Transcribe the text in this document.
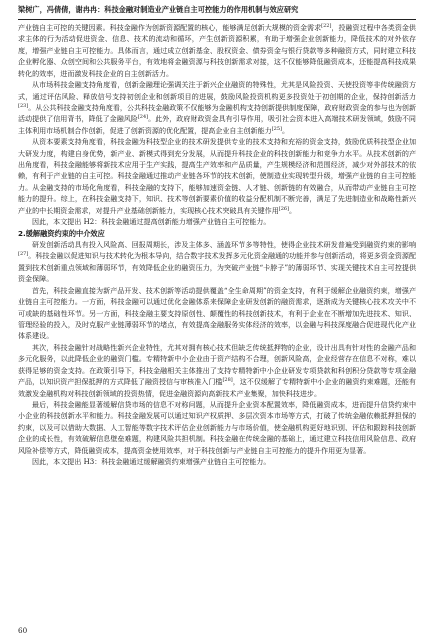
梁树广，冯倩倩，谢冉冉：科技金融对制造业产业链自主可控能力的作用机制与效应研究

产业链自主可控的关键因素。科技金融作为创新资源配置的核心，能够满足创新大规模的资金需求[22]，投融资过程中各类资金供求主体的行为活动促进资金、信息、技术的流动和循环，产生创新资源积累，有助于增强企业创新能力，降低技术的对外依存度，增强产业链自主可控能力。具体而言，通过成立创新基金、股权资金、债券资金与银行贷款等多种融资方式，同时建立科技企业孵化器、众创空间和公共服务平台，有效地将金融资源与科技创新需求对接，这不仅能够降低融资成本，还能提高科技成果转化的效率，进而激发科技企业的自主创新活力。

从市场科技金融支持角度看，创新金融理论强调关注于新兴企业融资的特殊性，尤其是风险投资、天使投资等非传统融资方式，通过评估风险、释放信号支持初创企业和创新项目的进展，鼓励风险投资机构更多投资处于初创期的企业，保持创新活力[23]。从公共科技金融支持角度看，公共科技金融政策不仅能够为金融机构支持创新提供制度保障，政府财政资金的参与也为创新活动提供了信用背书，降低了金融风险[24]。此外，政府财政资金具有引导作用，吸引社会资本进入高端技术研发领域，鼓励不同主体利用市场机制合作创新，促进了创新资源的优化配置，提高企业自主创新能力[25]。

从资本要素支持角度看，科技金融为科技型企业的技术研发提供专业的技术支持和充裕的资金支持，鼓励优质科技型企业加大研发力度，构建自身优势，新产业、新模式得到充分发展，从而提升科技企业的科技创新能力和竞争力水平。从技术创新的产出角度看，科技金融能够将新技术应用于生产实践，提高生产效率和产品质量，产生规模经济和范围经济，减少对外部技术的依赖，有利于产业链的自主可控。科技金融通过推动产业链各环节的技术创新，使制造业实现转型升级，增强产业链的自主可控能力。从金融支持的市场化角度看，科技金融的支持下，能够加速资金链、人才链、创新链的有效融合，从而带动产业链自主可控能力的提升。综上，在科技金融支持下，知识、技术等创新要素价值的收益分配机制不断完善，满足了先进制造业和战略性新兴产业的中长期资金需求，对提升产业基础创新能力，实现核心技术突破具有关键作用[26]。

因此，本文提出 H2：科技金融通过提高创新能力增强产业链自主可控能力。

2.缓解融资约束的中介效应

研发创新活动具有投入风险高、回报周期长，涉及主体多、涵盖环节多等特性，使得企业技术研发普遍受到融资约束的影响[27]。科技金融以促进知识与技术转化为根本导向，结合数字技术发挥多元化资金融通的功能并参与创新活动，将更多资金资源配置到技术创新重点领域和薄弱环节，有效降低企业的融资压力，为突破产业链“卡脖子”的薄弱环节、实现关键技术自主可控提供资金保障。

首先，科技金融直接为新产品开发、技术创新等活动提供覆盖“全生命周期”的资金支持，有利于缓解企业融资约束，增强产业链自主可控能力。一方面，科技金融可以通过优化金融体系来保障企业研发创新的融资需求，逐渐成为关键核心技术攻关中不可或缺的基础性环节。另一方面，科技金融主要支持原创性、颠覆性的科技创新技术，有利于企业在不断增加先进技术、知识、管理经验的投入，及时克服产业链薄弱环节的堵点，有效提高金融服务实体经济的效率，以金融与科技深度融合促进现代化产业体系建设。

其次，科技金融针对战略性新兴企业特性，尤其对拥有核心技术但缺乏传统抵押物的企业，设计出具有针对性的金融产品和多元化服务，以此降低企业的融资门槛。专精特新中小企业由于资产结构不合理，创新风险高，企业经营存在信息不对称，难以获得足够的资金支持。在政策引导下，科技金融相关主体推出了支持专精特新中小企业研发专项贷款和科创积分贷款等专项金融产品，以知识资产担保抵押的方式降低了融资授信与审核准入门槛[28]，这不仅缓解了专精特新中小企业的融资约束难题，还能有效激发金融机构对科技创新领域的投资热情，促进金融资源向高新技术产业集聚，加快科技进步。

最后，科技金融能显著缓解信贷市场的信息不对称问题，从而提升企业资本配置效率，降低融资成本，进而提升信贷约束中小企业的科技创新水平和能力。科技金融发展可以通过知识产权质押、多层次资本市场等方式，打破了传统金融依赖抵押担保的约束，以及可以借助大数据、人工智能等数字技术评估企业创新能力与市场价值，使金融机构更好地识别、评估和跟踪科技创新企业的成长性，有效破解信息壁垒难题，构建风险共担机制。科技金融在传统金融的基础上，通过建立科技信用风险信息、政府风险补偿等方式，降低融资成本，提高资金使用效率，对于科技创新与产业链自主可控能力的提升作用更为显著。

因此，本文提出 H3：科技金融通过缓解融资约束增强产业链自主可控能力。

60
